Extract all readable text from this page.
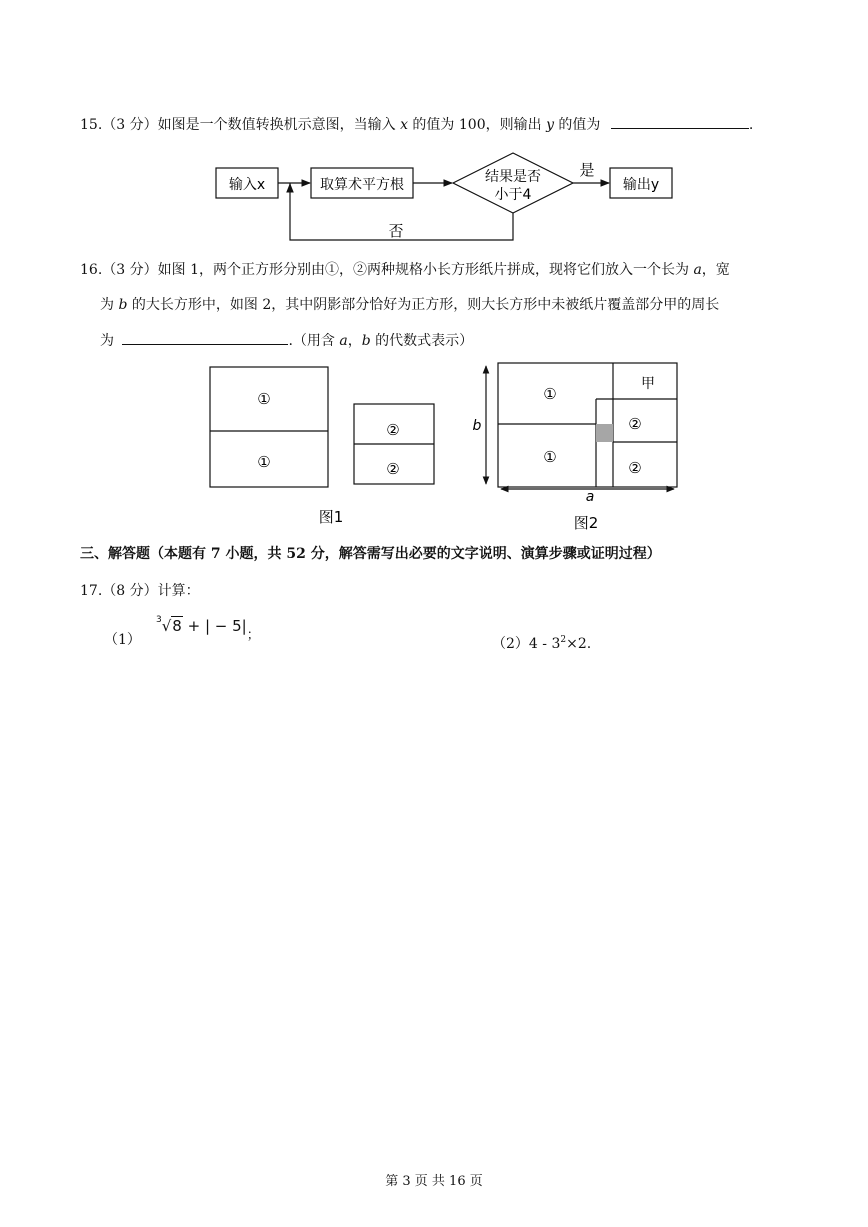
15.（3 分）如图是一个数值转换机示意图，当输入 x 的值为 100，则输出 y 的值为	.
输入x	取算术平方根	结果是否
小于4
是
输出y
否
16.（3 分）如图 1，两个正方形分别由①，②两种规格小长方形纸片拼成，现将它们放入一个长为 a，宽
为 b 的大长方形中，如图 2，其中阴影部分恰好为正方形，则大长方形中未被纸片覆盖部分甲的周长
为	.（用含 a，b 的代数式表示）
①
①
②
②
图1
①
①
甲
②
②
b
a
图2
三、解答题（本题有 7 小题，共 52 分，解答需写出必要的文字说明、演算步骤或证明过程）
17.（8 分）计算：
（1）
$^3$√8 + | − 5|；
$(2)4 - 3^2\times 2$.
第 3 页 共 16 页
